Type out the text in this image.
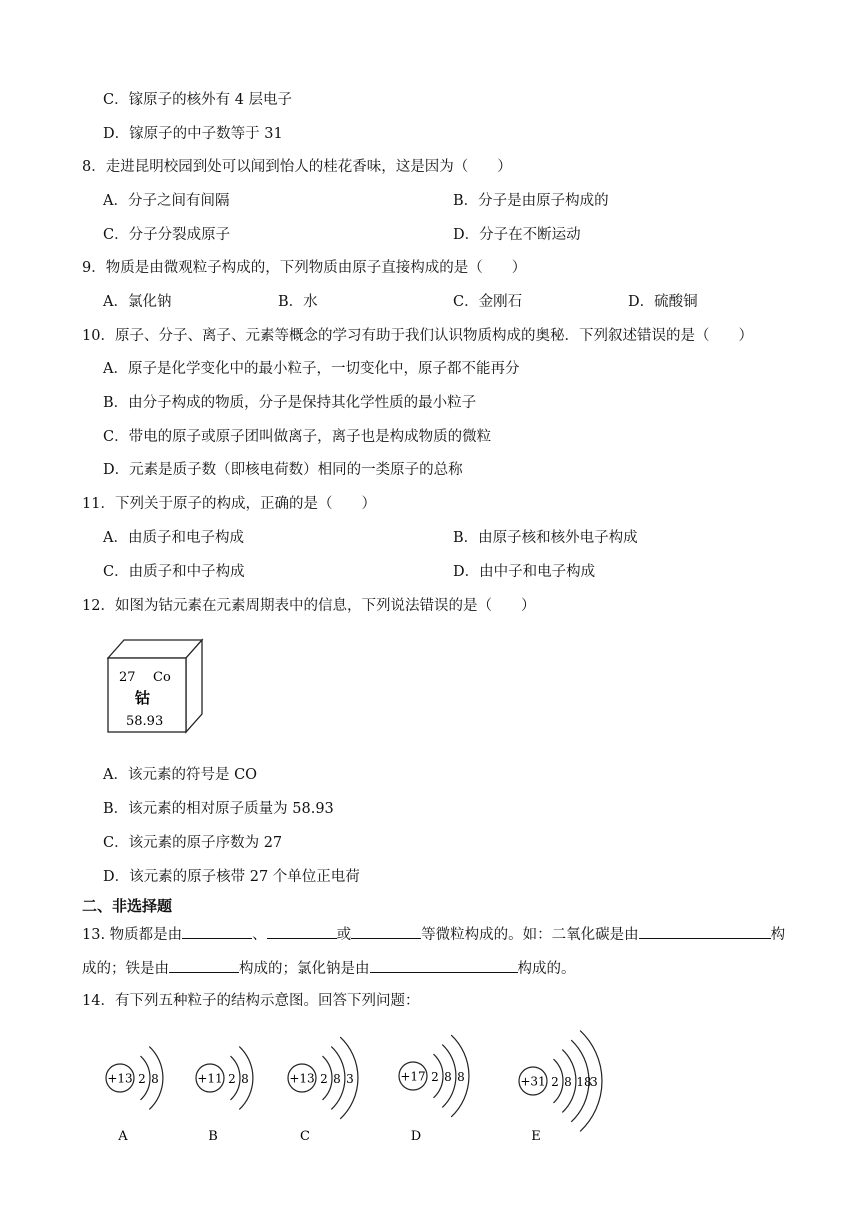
C．镓原子的核外有 4 层电子
D．镓原子的中子数等于 31
8．走进昆明校园到处可以闻到怡人的桂花香味，这是因为（　　）
A．分子之间有间隔	B．分子是由原子构成的
C．分子分裂成原子	D．分子在不断运动
9．物质是由微观粒子构成的，下列物质由原子直接构成的是（　　）
A．氯化钠	B．水	C．金刚石	D．硫酸铜
10．原子、分子、离子、元素等概念的学习有助于我们认识物质构成的奥秘．下列叙述错误的是（　　）
A．原子是化学变化中的最小粒子，一切变化中，原子都不能再分
B．由分子构成的物质，分子是保持其化学性质的最小粒子
C．带电的原子或原子团叫做离子，离子也是构成物质的微粒
D．元素是质子数（即核电荷数）相同的一类原子的总称
11．下列关于原子的构成，正确的是（　　）
A．由质子和电子构成	B．由原子核和核外电子构成
C．由质子和中子构成	D．由中子和电子构成
12．如图为钴元素在元素周期表中的信息，下列说法错误的是（　　）
27 Co
钴
58.93
A．该元素的符号是 CO
B．该元素的相对原子质量为 58.93
C．该元素的原子序数为 27
D．该元素的原子核带 27 个单位正电荷
二、非选择题
13. 物质都是由	、	或	等微粒构成的。如：二氧化碳是由	构
成的；铁是由	构成的；氯化钠是由	构成的。
14．有下列五种粒子的结构示意图。回答下列问题：
+13 2 8
A
+11 2 8
B
+13 2 8 3
C
+17 2 8 8
D
+31 2 8 18
3
E
